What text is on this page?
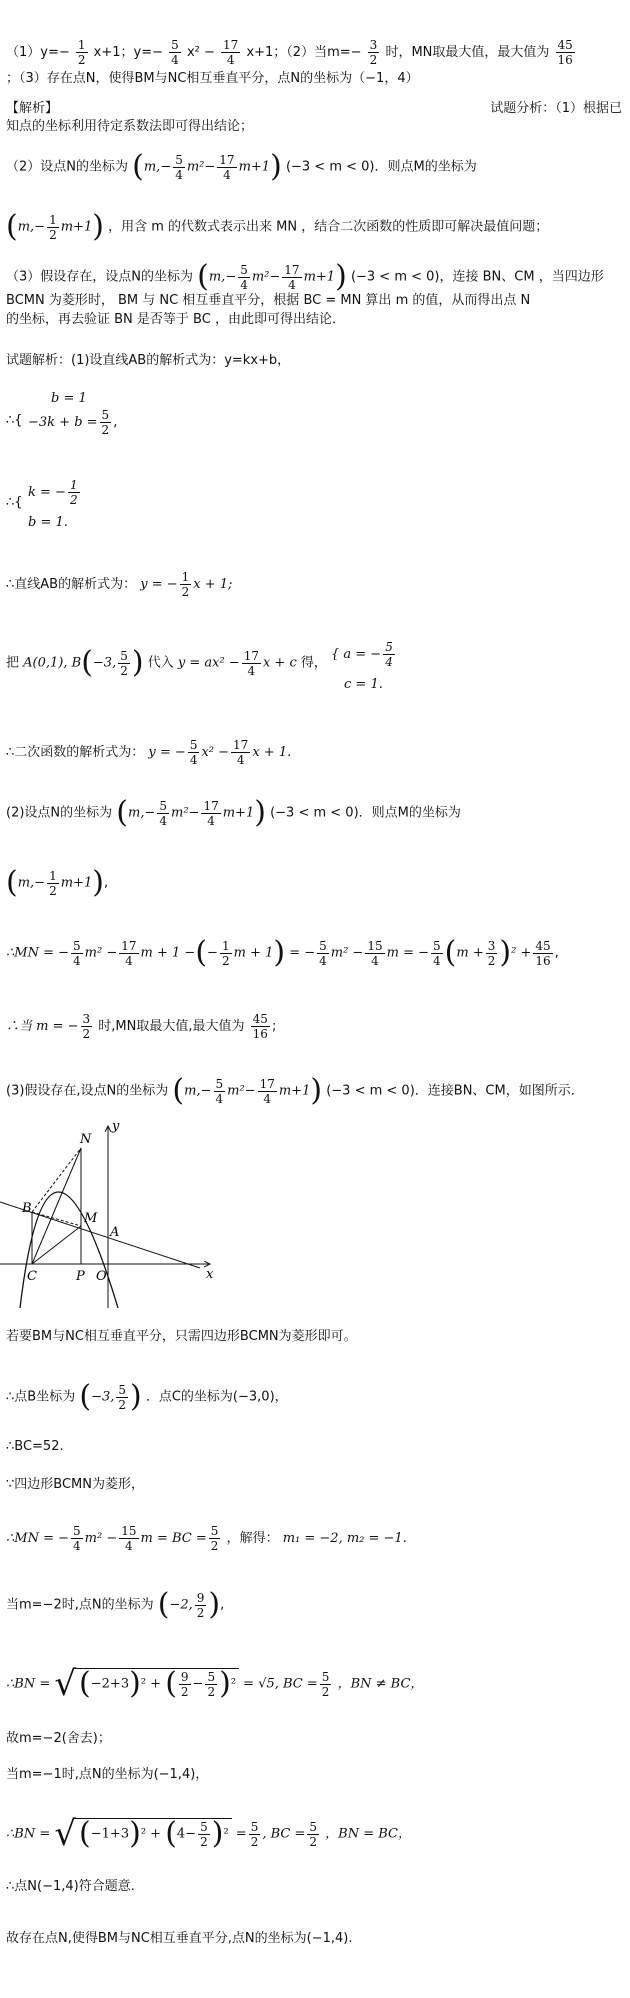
$(1)y=- \frac{1}{2} x+1$；$y=- \frac{5}{4} x^2 - \frac{17}{4} x+1$；（2）当$m=- \frac{3}{2}$ 时，MN取最大值，最大值为 $\frac{45}{16}$
；（3）存在点N，使得BM与NC相互垂直平分，点N的坐标为（−1，4）
【解析】	试题分析：（1）根据已
知点的坐标利用待定系数法即可得出结论；
（2）设点N的坐标为 $(m,- \frac{5}{4} m^2- \frac{17}{4} m+1)$ (−3 < m < 0)．则点M的坐标为
$(m,- \frac{1}{2} m+1)$ ，用含 m 的代数式表示出来 MN ，结合二次函数的性质即可解决最值问题；
（3）假设存在，设点N的坐标为 $(m,- \frac{5}{4} m^2- \frac{17}{4} m+1)$ (−3 < m < 0)，连接 BN、CM ，当四边形
BCMN 为菱形时， BM 与 NC 相互垂直平分，根据 BC = MN 算出 m 的值，从而得出点 N
的坐标，再去验证 BN 是否等于 BC ，由此即可得出结论．
试题解析：(1)设直线AB的解析式为：y=kx+b，
b = 1
∴{ $-3k + b = \frac{5}{2}$ ,
∴{
k = − $\frac{1}{2}$
b = 1.
∴直线AB的解析式为： y = − $\frac{1}{2}$ x + 1;
把 A(0,1), B(−3, $\frac{5}{2}$ ) 代入 $y = ax^2 - \frac{17}{4}$ x + c 得，
{ a = − $\frac{5}{4}$
c = 1.
∴二次函数的解析式为： y = − $\frac{5}{4} x^2 - \frac{17}{4}$ x + 1.
(2)设点N的坐标为 $(m,- \frac{5}{4} m^2- \frac{17}{4} m+1)$ (−3 < m < 0)．则点M的坐标为
$(m,- \frac{1}{2} m+1)$,
∴MN = − $\frac{5}{4} m^2 - \frac{17}{4}$ m + 1 −(− $\frac{1}{2}$ m + 1) = − $\frac{5}{4} m^2 - \frac{15}{4}$ m = − $\frac{5}{4} (m + \frac{3}{2} )^2 + \frac{45}{16}$ ,
∴当 m = − $\frac{3}{2}$ 时,MN取最大值,最大值为 $\frac{45}{16}$ ;
(3)假设存在,设点N的坐标为 $(m,- \frac{5}{4} m^2- \frac{17}{4} m+1)$ (−3 < m < 0)．连接BN、CM，如图所示．
y
x
N
B
M
A
C	P O
若要BM与NC相互垂直平分，只需四边形BCMN为菱形即可。
∴点B坐标为 (−3, $\frac{5}{2}$ ) ．点C的坐标为(−3,0)，
∴BC=52.
∵四边形BCMN为菱形，
∴MN = − $\frac{5}{4} m^2 - \frac{15}{4}$ m = BC = $\frac{5}{2}$ ，解得： m₁ = −2, m₂ = −1.
当m=−2时,点N的坐标为 (−2, $\frac{9}{2}$ ),
∴BN = √ (−2+3)² + ( $\frac{9}{2} - \frac{5}{2} )^2 = √5$, BC = $\frac{5}{2}$ ，BN ≠ BC，
故m=−2(舍去)；
当m=−1时,点N的坐标为(−1,4)，
∴BN = √ $(-1+3)^2 + (4- \frac{5}{2} )^2 = \frac{5}{2}$ , BC = $\frac{5}{2}$ ，BN = BC，
∴点N(−1,4)符合题意.
故存在点N,使得BM与NC相互垂直平分,点N的坐标为(−1,4).
